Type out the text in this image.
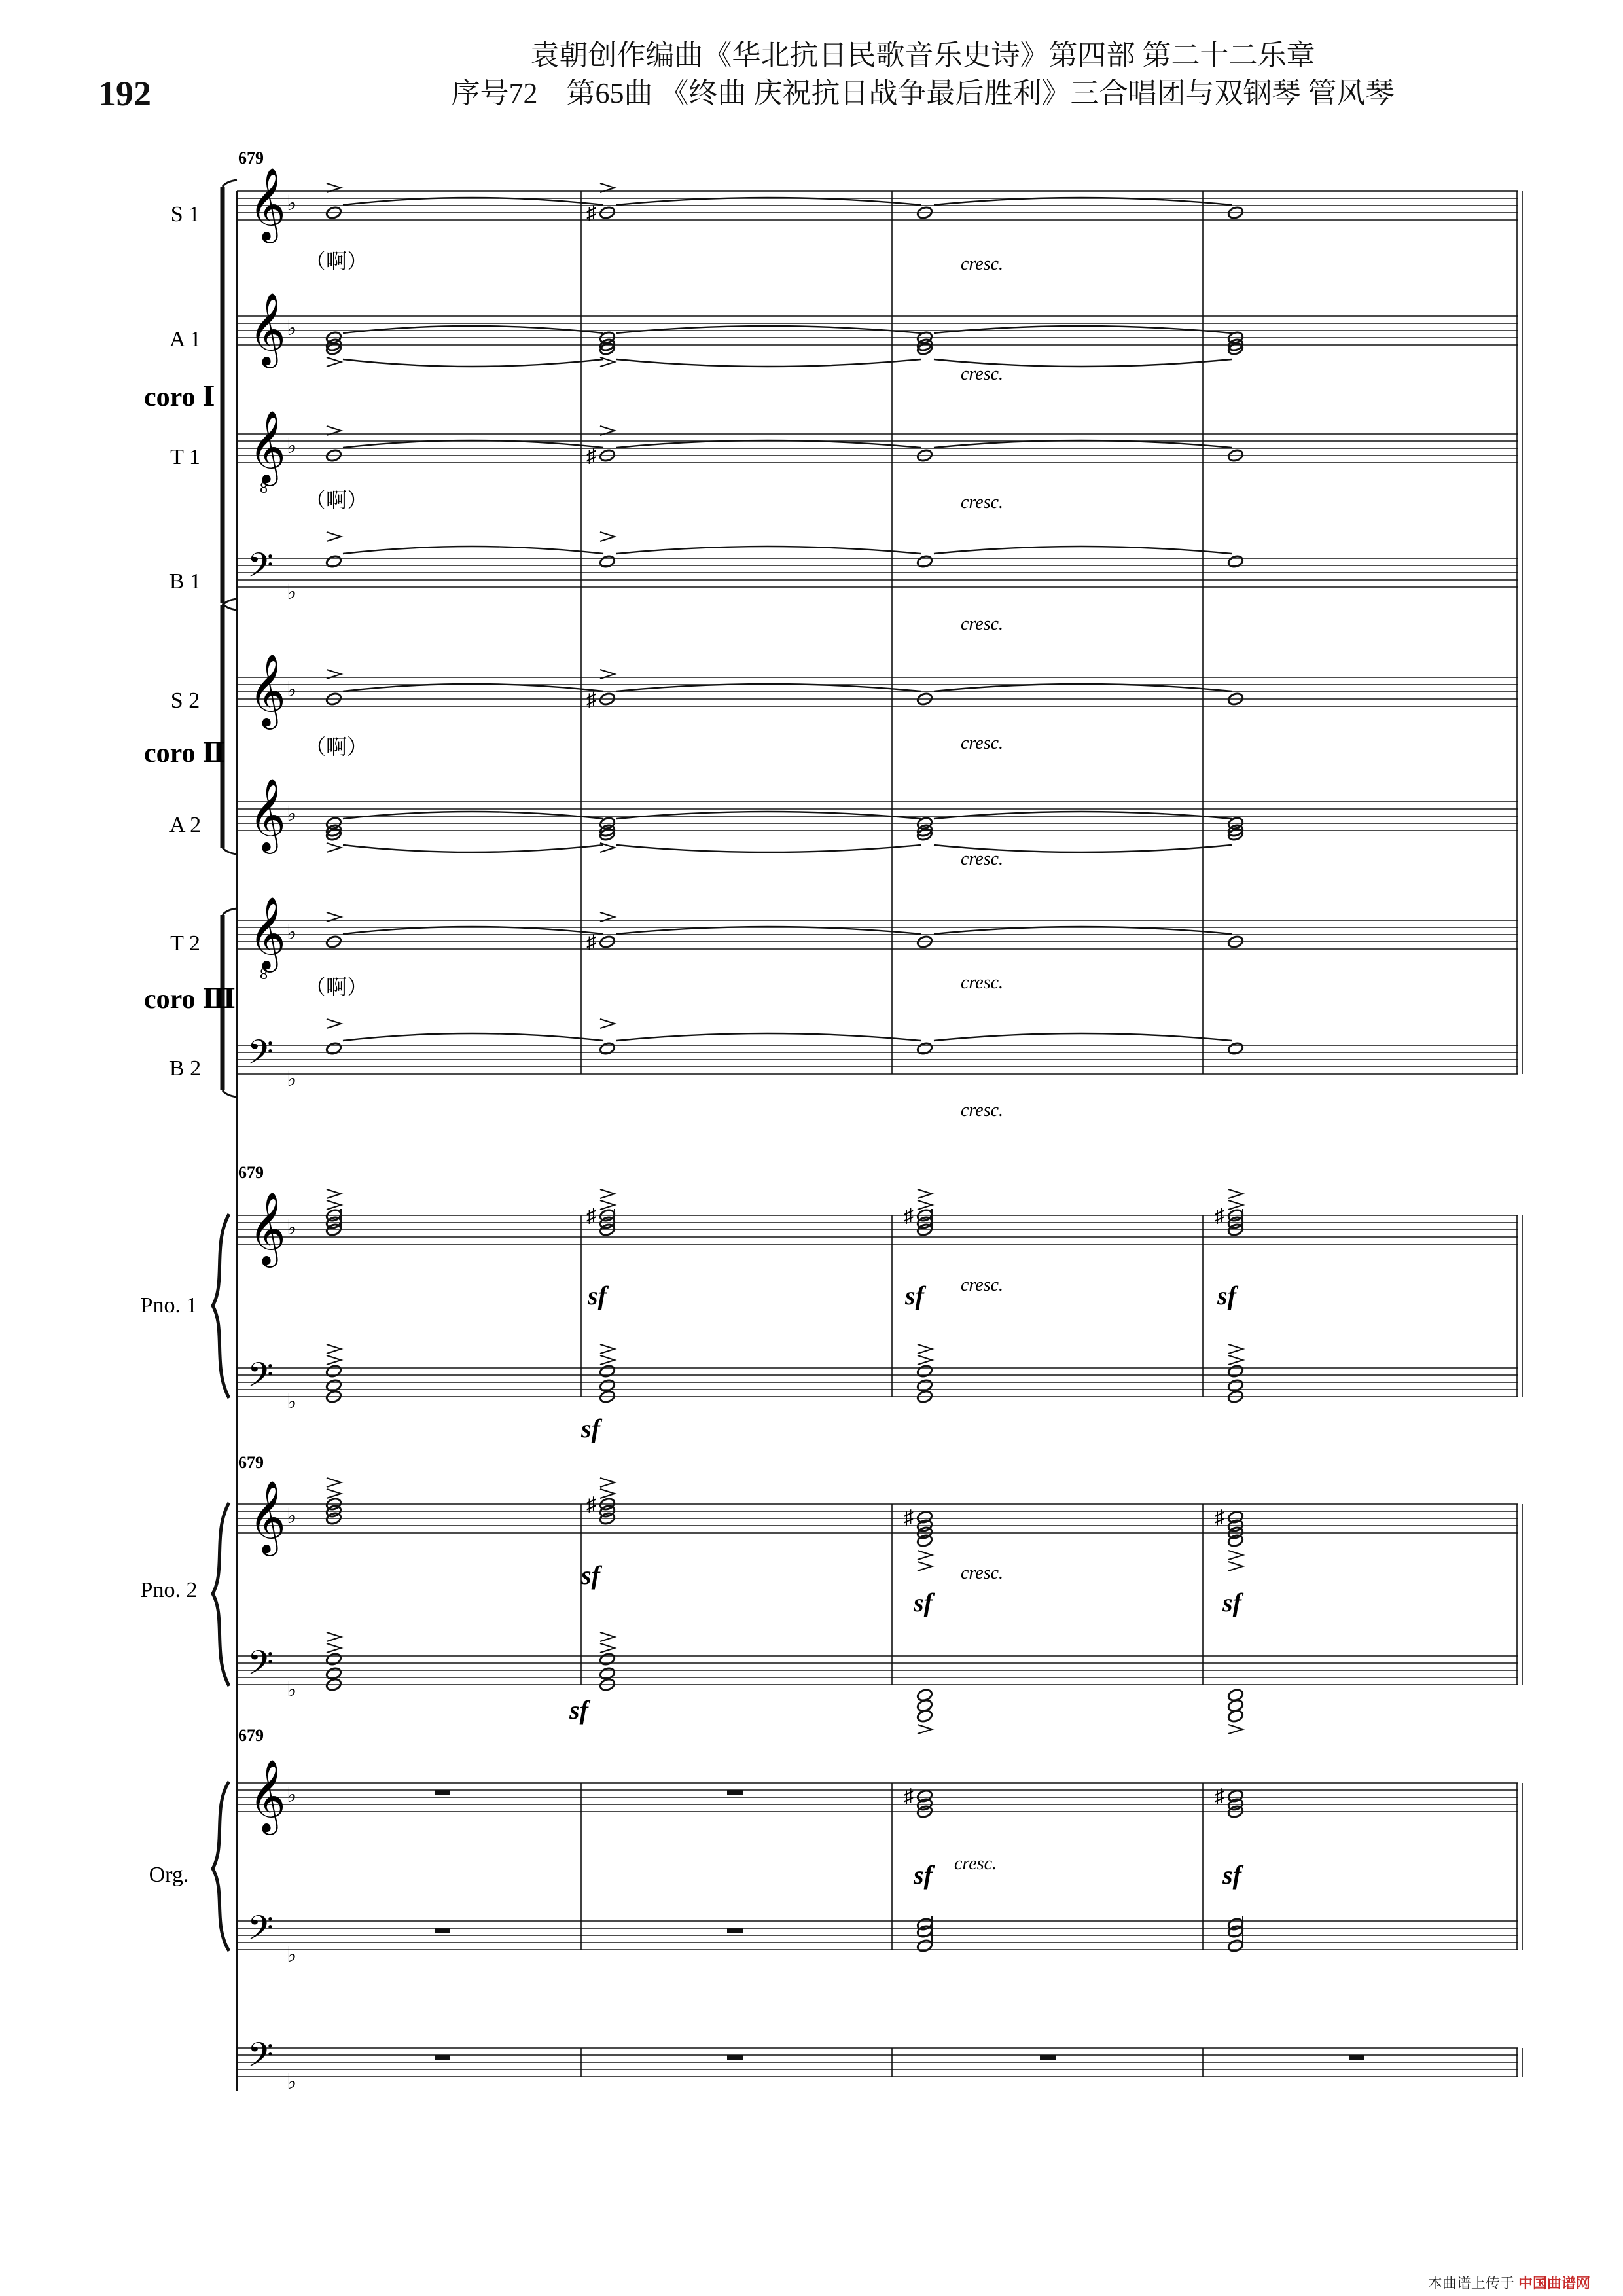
192
袁朝创作编曲《华北抗日民歌音乐史诗》第四部 第二十二乐章
序号72　第65曲 《终曲 庆祝抗日战争最后胜利》三合唱团与双钢琴 管风琴
S 1 𝄞 ♭	♯
A 1 𝄞 ♭
T 1 𝄞
8
♭	♯
B 1 𝄢 ♭
S 2 𝄞 ♭	♯
A 2 𝄞 ♭
T 2 𝄞
8
♭	♯
B 2 𝄢 ♭
coro Ⅰ
coro Ⅱ
coro Ⅲ
679
679
679
679
（啊）
（啊）
（啊）
（啊）
cresc.
cresc.
cresc.
cresc.
cresc.
cresc.
cresc.
cresc.
cresc.
cresc.
cresc.
𝄞 ♭
𝄢 ♭
Pno. 1
♯	♯	♯
sf	sf	sf
sf
𝄞 ♭
𝄢 ♭
Pno. 2
♯
♯	♯
sf
sf	sf
sf
𝄞 ♭
𝄢 ♭
Org.
♯	♯
sf	sf
𝄢 ♭
本曲谱上传于 中国曲谱网
